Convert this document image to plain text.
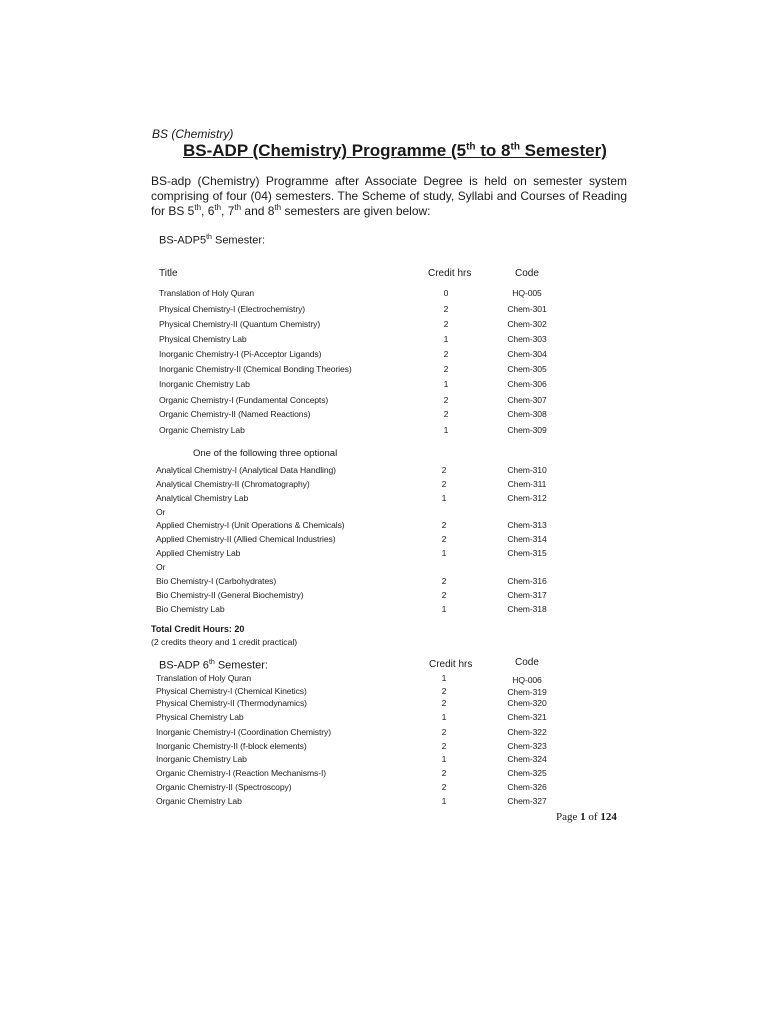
BS (Chemistry)
BS-ADP (Chemistry) Programme (5th to 8th Semester)
BS-adp (Chemistry) Programme after Associate Degree is held on semester system comprising of four (04) semesters. The Scheme of study, Syllabi and Courses of Reading for BS 5th, 6th, 7th and 8th semesters are given below:
BS-ADP5th Semester:
Title	Credit hrs	Code
Translation of Holy Quran	0	HQ-005
Physical Chemistry-I (Electrochemistry)	2	Chem-301
Physical Chemistry-II (Quantum Chemistry)	2	Chem-302
Physical Chemistry Lab	1	Chem-303
Inorganic Chemistry-I (Pi-Acceptor Ligands)	2	Chem-304
Inorganic Chemistry-II (Chemical Bonding Theories)	2	Chem-305
Inorganic Chemistry Lab	1	Chem-306
Organic Chemistry-I (Fundamental Concepts)	2	Chem-307
Organic Chemistry-II (Named Reactions)	2	Chem-308
Organic Chemistry Lab	1	Chem-309
One of the following three optional
Analytical Chemistry-I (Analytical Data Handling)	2	Chem-310
Analytical Chemistry-II (Chromatography)	2	Chem-311
Analytical Chemistry Lab	1	Chem-312
Or
Applied Chemistry-I (Unit Operations & Chemicals)	2	Chem-313
Applied Chemistry-II (Allied Chemical Industries)	2	Chem-314
Applied Chemistry Lab	1	Chem-315
Or
Bio Chemistry-I (Carbohydrates)	2	Chem-316
Bio Chemistry-II (General Biochemistry)	2	Chem-317
Bio Chemistry Lab	1	Chem-318
Total Credit Hours: 20
(2 credits theory and 1 credit practical)
BS-ADP 6th Semester:	Credit hrs	Code
Translation of Holy Quran	1	HQ-006
Physical Chemistry-I (Chemical Kinetics)	2	Chem-319
Physical Chemistry-II (Thermodynamics)	2	Chem-320
Physical Chemistry Lab	1	Chem-321
Inorganic Chemistry-I (Coordination Chemistry)	2	Chem-322
Inorganic Chemistry-II (f-block elements)	2	Chem-323
Inorganic Chemistry Lab	1	Chem-324
Organic Chemistry-I (Reaction Mechanisms-I)	2	Chem-325
Organic Chemistry-II (Spectroscopy)	2	Chem-326
Organic Chemistry Lab	1	Chem-327
Page 1 of 124
